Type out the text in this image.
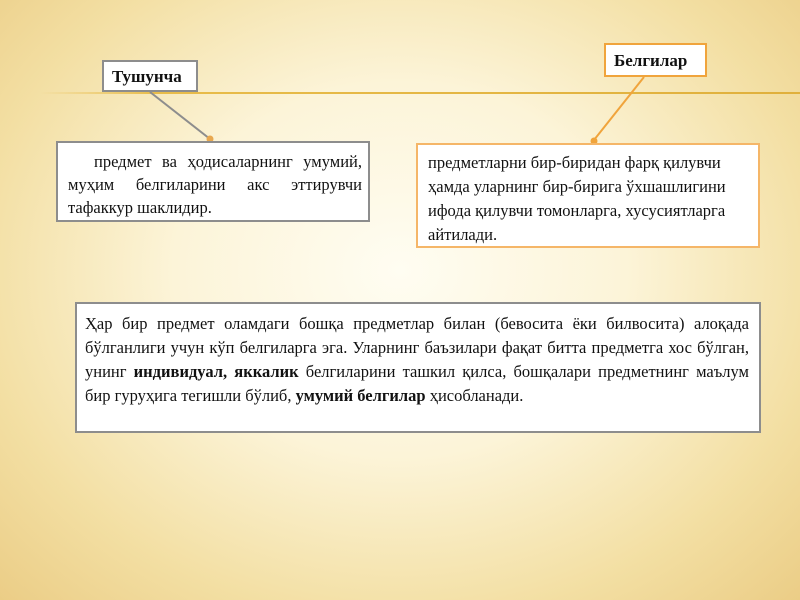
Тушунча
Белгилар

предмет ва ҳодисаларнинг умумий, муҳим белгиларини акс эттирувчи тафаккур шаклидир.

предметларни бир-биридан фарқ қилувчи ҳамда уларнинг бир-бирига ўхшашлигини ифода қилувчи томонларга, хусусиятларга айтилади.

Ҳар бир предмет оламдаги бошқа предметлар билан (бевосита ёки билвосита) алоқада бўлганлиги учун кўп белгиларга эга. Уларнинг баъзилари фақат битта предметга хос бўлган, унинг индивидуал, яккалик белгиларини ташкил қилса, бошқалари предметнинг маълум бир гуруҳига тегишли бўлиб, умумий белгилар ҳисобланади.
